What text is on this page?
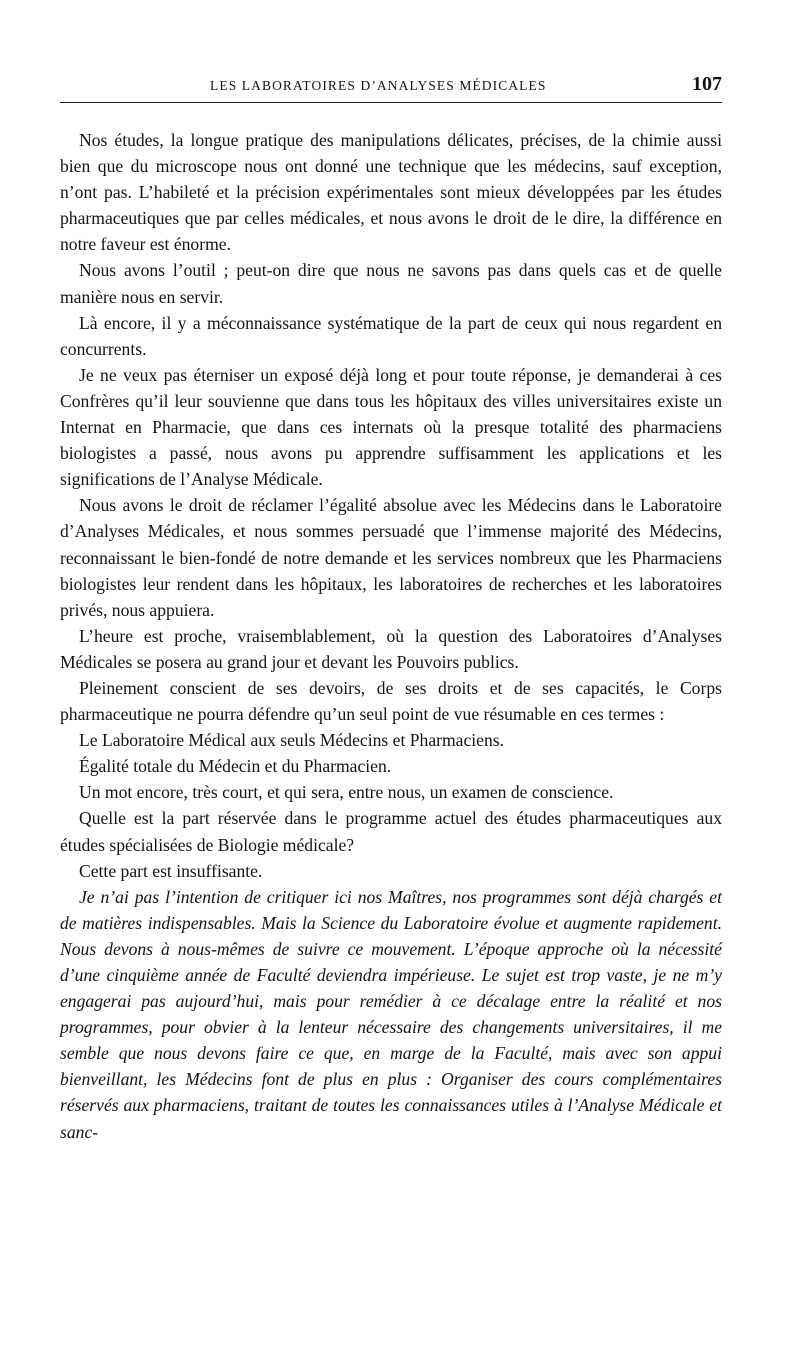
LES LABORATOIRES D’ANALYSES MÉDICALES	107

Nos études, la longue pratique des manipulations délicates, précises, de la chimie aussi bien que du microscope nous ont donné une technique que les médecins, sauf exception, n’ont pas. L’habileté et la précision expérimentales sont mieux développées par les études pharmaceutiques que par celles médicales, et nous avons le droit de le dire, la différence en notre faveur est énorme.

Nous avons l’outil ; peut-on dire que nous ne savons pas dans quels cas et de quelle manière nous en servir.

Là encore, il y a méconnaissance systématique de la part de ceux qui nous regardent en concurrents.

Je ne veux pas éterniser un exposé déjà long et pour toute réponse, je demanderai à ces Confrères qu’il leur souvienne que dans tous les hôpitaux des villes universitaires existe un Internat en Pharmacie, que dans ces internats où la presque totalité des pharmaciens biologistes a passé, nous avons pu apprendre suffisamment les applications et les significations de l’Analyse Médicale.

Nous avons le droit de réclamer l’égalité absolue avec les Médecins dans le Laboratoire d’Analyses Médicales, et nous sommes persuadé que l’immense majorité des Médecins, reconnaissant le bien-fondé de notre demande et les services nombreux que les Pharmaciens biologistes leur rendent dans les hôpitaux, les laboratoires de recherches et les laboratoires privés, nous appuiera.

L’heure est proche, vraisemblablement, où la question des Laboratoires d’Analyses Médicales se posera au grand jour et devant les Pouvoirs publics.

Pleinement conscient de ses devoirs, de ses droits et de ses capacités, le Corps pharmaceutique ne pourra défendre qu’un seul point de vue résumable en ces termes :

Le Laboratoire Médical aux seuls Médecins et Pharmaciens.

Égalité totale du Médecin et du Pharmacien.

Un mot encore, très court, et qui sera, entre nous, un examen de conscience.

Quelle est la part réservée dans le programme actuel des études pharmaceutiques aux études spécialisées de Biologie médicale?

Cette part est insuffisante.

Je n’ai pas l’intention de critiquer ici nos Maîtres, nos programmes sont déjà chargés et de matières indispensables. Mais la Science du Laboratoire évolue et augmente rapidement. Nous devons à nous-mêmes de suivre ce mouvement. L’époque approche où la nécessité d’une cinquième année de Faculté deviendra impérieuse. Le sujet est trop vaste, je ne m’y engagerai pas aujourd’hui, mais pour remédier à ce décalage entre la réalité et nos programmes, pour obvier à la lenteur nécessaire des changements universitaires, il me semble que nous devons faire ce que, en marge de la Faculté, mais avec son appui bienveillant, les Médecins font de plus en plus : Organiser des cours complémentaires réservés aux pharmaciens, traitant de toutes les connaissances utiles à l’Analyse Médicale et sanc-
